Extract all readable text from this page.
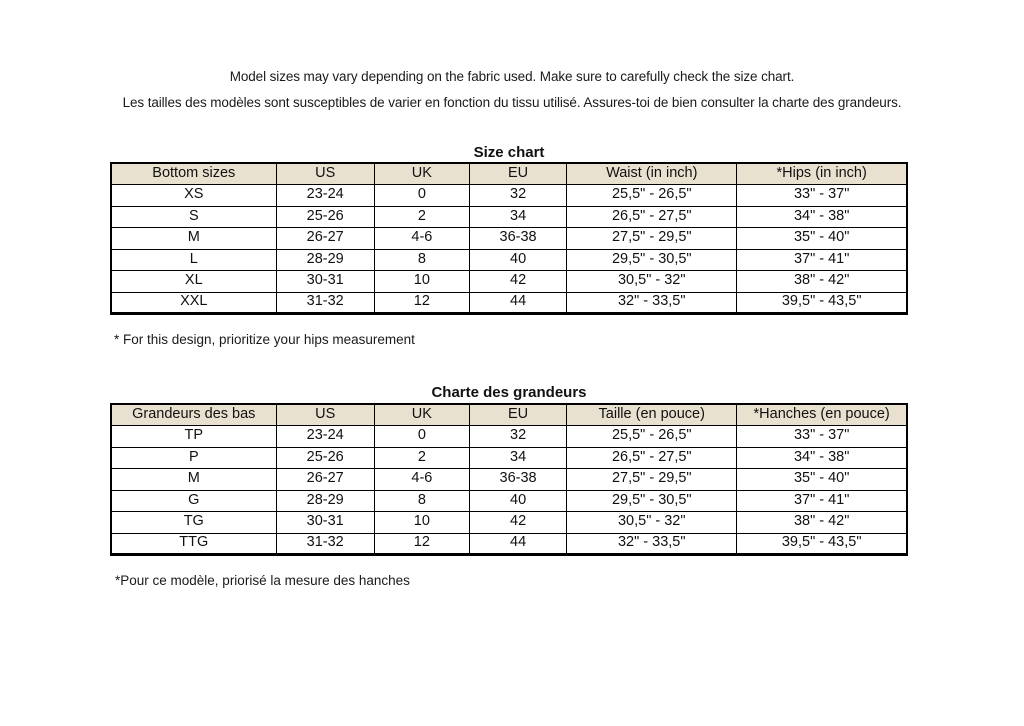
Model sizes may vary depending on the fabric used. Make sure to carefully check the size chart.
Les tailles des modèles sont susceptibles de varier en fonction du tissu utilisé. Assures-toi de bien consulter la charte des grandeurs.
Size chart
Bottom sizes	US	UK	EU	Waist (in inch)	*Hips (in inch)
XS	23-24	0	32	25,5" - 26,5"	33" - 37"
S	25-26	2	34	26,5" - 27,5"	34" - 38"
M	26-27	4-6	36-38	27,5" - 29,5"	35" - 40"
L	28-29	8	40	29,5" - 30,5"	37" - 41"
XL	30-31	10	42	30,5" - 32"	38" - 42"
XXL	31-32	12	44	32" - 33,5"	39,5" - 43,5"
* For this design, prioritize your hips measurement
Charte des grandeurs
Grandeurs des bas	US	UK	EU	Taille (en pouce)	*Hanches (en pouce)
TP	23-24	0	32	25,5" - 26,5"	33" - 37"
P	25-26	2	34	26,5" - 27,5"	34" - 38"
M	26-27	4-6	36-38	27,5" - 29,5"	35" - 40"
G	28-29	8	40	29,5" - 30,5"	37" - 41"
TG	30-31	10	42	30,5" - 32"	38" - 42"
TTG	31-32	12	44	32" - 33,5"	39,5" - 43,5"
*Pour ce modèle, priorisé la mesure des hanches
